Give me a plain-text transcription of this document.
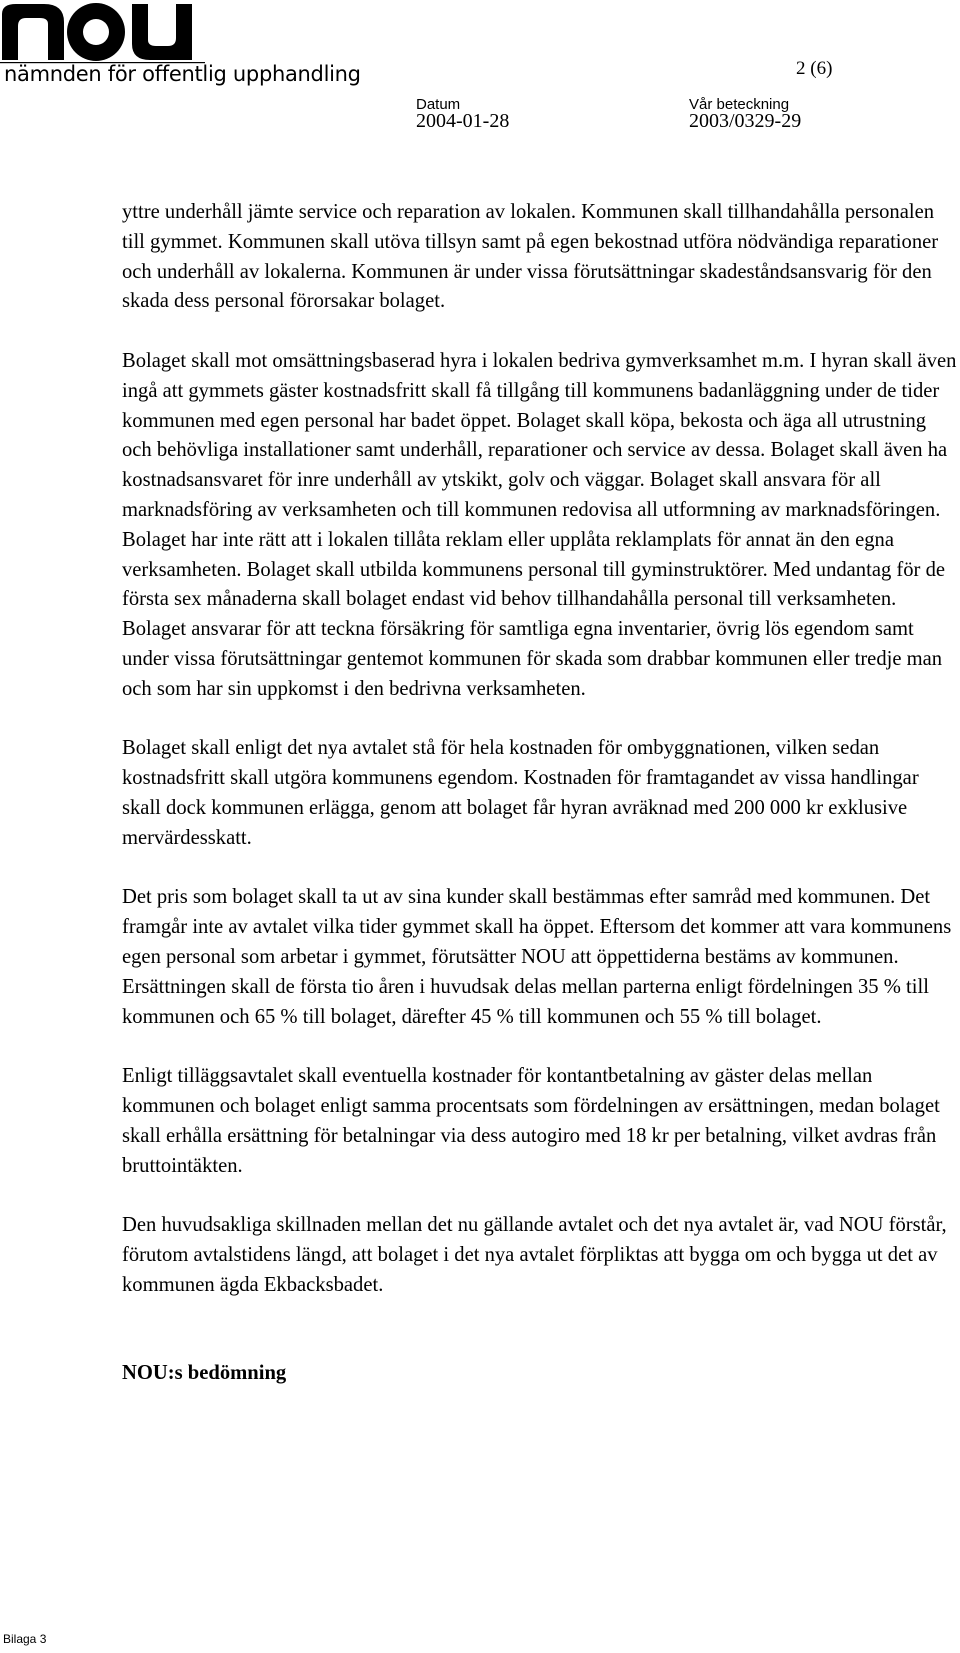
nämnden för offentlig upphandling	2 (6)
Datum
2004-01-28
Vår beteckning
2003/0329-29

yttre underhåll jämte service och reparation av lokalen. Kommunen skall tillhandahålla personalen till gymmet. Kommunen skall utöva tillsyn samt på egen bekostnad utföra nödvändiga reparationer och underhåll av lokalerna. Kommunen är under vissa förutsättningar skadeståndsansvarig för den skada dess personal förorsakar bolaget.

Bolaget skall mot omsättningsbaserad hyra i lokalen bedriva gymverksamhet m.m. I hyran skall även ingå att gymmets gäster kostnadsfritt skall få tillgång till kommunens badanläggning under de tider kommunen med egen personal har badet öppet. Bolaget skall köpa, bekosta och äga all utrustning och behövliga installationer samt underhåll, reparationer och service av dessa. Bolaget skall även ha kostnadsansvaret för inre underhåll av ytskikt, golv och väggar. Bolaget skall ansvara för all marknadsföring av verksamheten och till kommunen redovisa all utformning av marknadsföringen. Bolaget har inte rätt att i lokalen tillåta reklam eller upplåta reklamplats för annat än den egna verksamheten. Bolaget skall utbilda kommunens personal till gyminstruktörer. Med undantag för de första sex månaderna skall bolaget endast vid behov tillhandahålla personal till verksamheten. Bolaget ansvarar för att teckna försäkring för samtliga egna inventarier, övrig lös egendom samt under vissa förutsättningar gentemot kommunen för skada som drabbar kommunen eller tredje man och som har sin uppkomst i den bedrivna verksamheten.

Bolaget skall enligt det nya avtalet stå för hela kostnaden för ombyggnationen, vilken sedan kostnadsfritt skall utgöra kommunens egendom. Kostnaden för framtagandet av vissa handlingar skall dock kommunen erlägga, genom att bolaget får hyran avräknad med 200 000 kr exklusive mervärdesskatt.

Det pris som bolaget skall ta ut av sina kunder skall bestämmas efter samråd med kommunen. Det framgår inte av avtalet vilka tider gymmet skall ha öppet. Eftersom det kommer att vara kommunens egen personal som arbetar i gymmet, förutsätter NOU att öppettiderna bestäms av kommunen. Ersättningen skall de första tio åren i huvudsak delas mellan parterna enligt fördelningen 35 % till kommunen och 65 % till bolaget, därefter 45 % till kommunen och 55 % till bolaget.

Enligt tilläggsavtalet skall eventuella kostnader för kontantbetalning av gäster delas mellan kommunen och bolaget enligt samma procentsats som fördelningen av ersättningen, medan bolaget skall erhålla ersättning för betalningar via dess autogiro med 18 kr per betalning, vilket avdras från bruttointäkten.

Den huvudsakliga skillnaden mellan det nu gällande avtalet och det nya avtalet är, vad NOU förstår, förutom avtalstidens längd, att bolaget i det nya avtalet förpliktas att bygga om och bygga ut det av kommunen ägda Ekbacksbadet.

NOU:s bedömning

Bilaga 3
